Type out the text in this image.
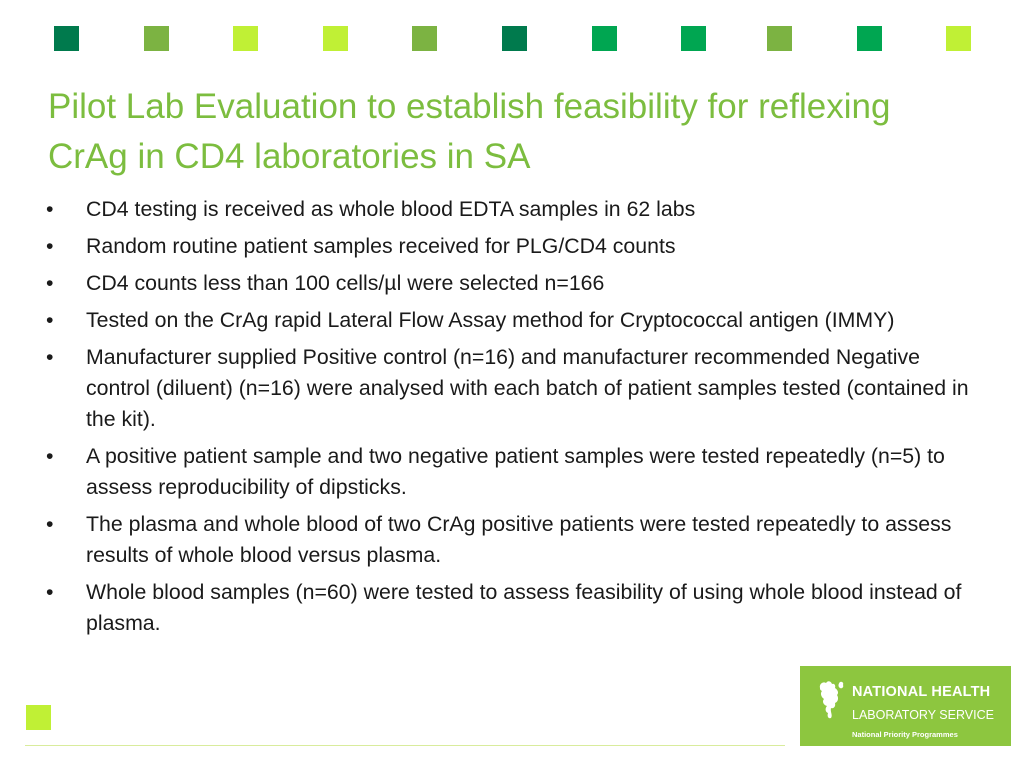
Pilot Lab Evaluation to establish feasibility for reflexing CrAg in CD4 laboratories in SA
•	CD4 testing is received as whole blood EDTA samples in 62 labs
•	Random routine patient samples received for PLG/CD4 counts
•	CD4 counts less than 100 cells/µl were selected n=166
•	Tested on the CrAg rapid Lateral Flow Assay method for Cryptococcal antigen (IMMY)
•	Manufacturer supplied Positive control (n=16) and manufacturer recommended Negative control (diluent) (n=16) were analysed with each batch of patient samples tested (contained in the kit).
•	A positive patient sample and two negative patient samples were tested repeatedly (n=5) to assess reproducibility of dipsticks.
•	The plasma and whole blood of two CrAg positive patients were tested repeatedly to assess results of whole blood versus plasma.
•	Whole blood samples (n=60) were tested to assess feasibility of using whole blood instead of plasma.
NATIONAL HEALTH
LABORATORY SERVICE
National Priority Programmes
